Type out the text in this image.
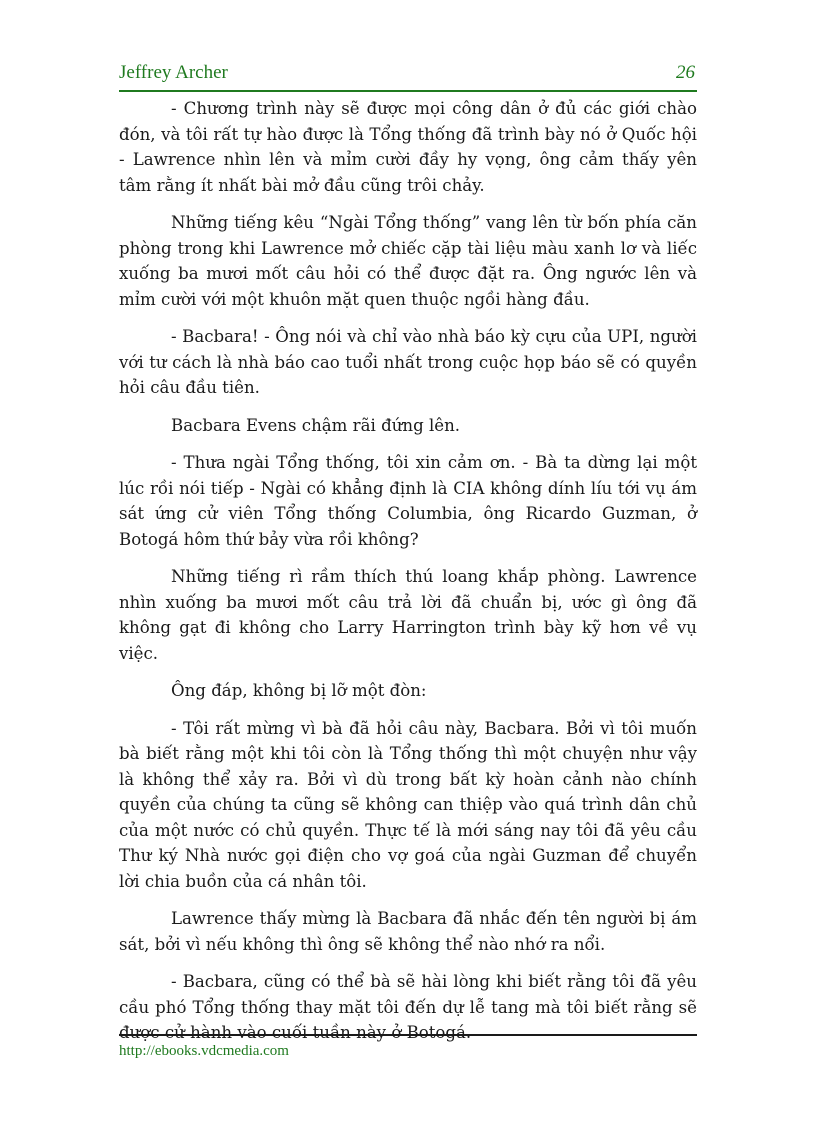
Jeffrey Archer	26

- Chương trình này sẽ được mọi công dân ở đủ các giới chào đón, và tôi rất tự hào được là Tổng thống đã trình bày nó ở Quốc hội - Lawrence nhìn lên và mỉm cười đầy hy vọng, ông cảm thấy yên tâm rằng ít nhất bài mở đầu cũng trôi chảy.

Những tiếng kêu “Ngài Tổng thống” vang lên từ bốn phía căn phòng trong khi Lawrence mở chiếc cặp tài liệu màu xanh lơ và liếc xuống ba mươi mốt câu hỏi có thể được đặt ra. Ông ngước lên và mỉm cười với một khuôn mặt quen thuộc ngồi hàng đầu.

- Bacbara! - Ông nói và chỉ vào nhà báo kỳ cựu của UPI, người với tư cách là nhà báo cao tuổi nhất trong cuộc họp báo sẽ có quyền hỏi câu đầu tiên.

Bacbara Evens chậm rãi đứng lên.

- Thưa ngài Tổng thống, tôi xin cảm ơn. - Bà ta dừng lại một lúc rồi nói tiếp - Ngài có khẳng định là CIA không dính líu tới vụ ám sát ứng cử viên Tổng thống Columbia, ông Ricardo Guzman, ở Botogá hôm thứ bảy vừa rồi không?

Những tiếng rì rầm thích thú loang khắp phòng. Lawrence nhìn xuống ba mươi mốt câu trả lời đã chuẩn bị, ước gì ông đã không gạt đi không cho Larry Harrington trình bày kỹ hơn về vụ việc.

Ông đáp, không bị lỡ một đòn:

- Tôi rất mừng vì bà đã hỏi câu này, Bacbara. Bởi vì tôi muốn bà biết rằng một khi tôi còn là Tổng thống thì một chuyện như vậy là không thể xảy ra. Bởi vì dù trong bất kỳ hoàn cảnh nào chính quyền của chúng ta cũng sẽ không can thiệp vào quá trình dân chủ của một nước có chủ quyền. Thực tế là mới sáng nay tôi đã yêu cầu Thư ký Nhà nước gọi điện cho vợ goá của ngài Guzman để chuyển lời chia buồn của cá nhân tôi.

Lawrence thấy mừng là Bacbara đã nhắc đến tên người bị ám sát, bởi vì nếu không thì ông sẽ không thể nào nhớ ra nổi.

- Bacbara, cũng có thể bà sẽ hài lòng khi biết rằng tôi đã yêu cầu phó Tổng thống thay mặt tôi đến dự lễ tang mà tôi biết rằng sẽ được cử hành vào cuối tuần này ở Botogá.

http://ebooks.vdcmedia.com
